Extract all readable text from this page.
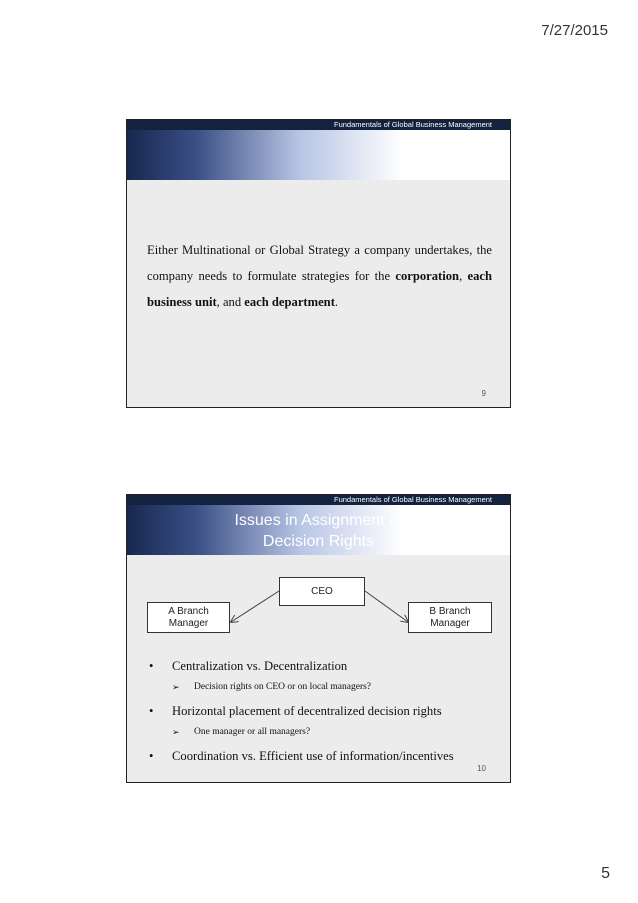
7/27/2015
Fundamentals of Global Business Management
Either Multinational or Global Strategy a company undertakes, the company needs to formulate strategies for the corporation, each business unit, and each department.
9
Fundamentals of Global Business Management
Issues in Assignment of
Decision Rights
CEO
A Branch
Manager
B Branch
Manager
• Centralization vs. Decentralization
➢ Decision rights on CEO or on local managers?
• Horizontal placement of decentralized decision rights
➢ One manager or all managers?
• Coordination vs. Efficient use of information/incentives
10
5
